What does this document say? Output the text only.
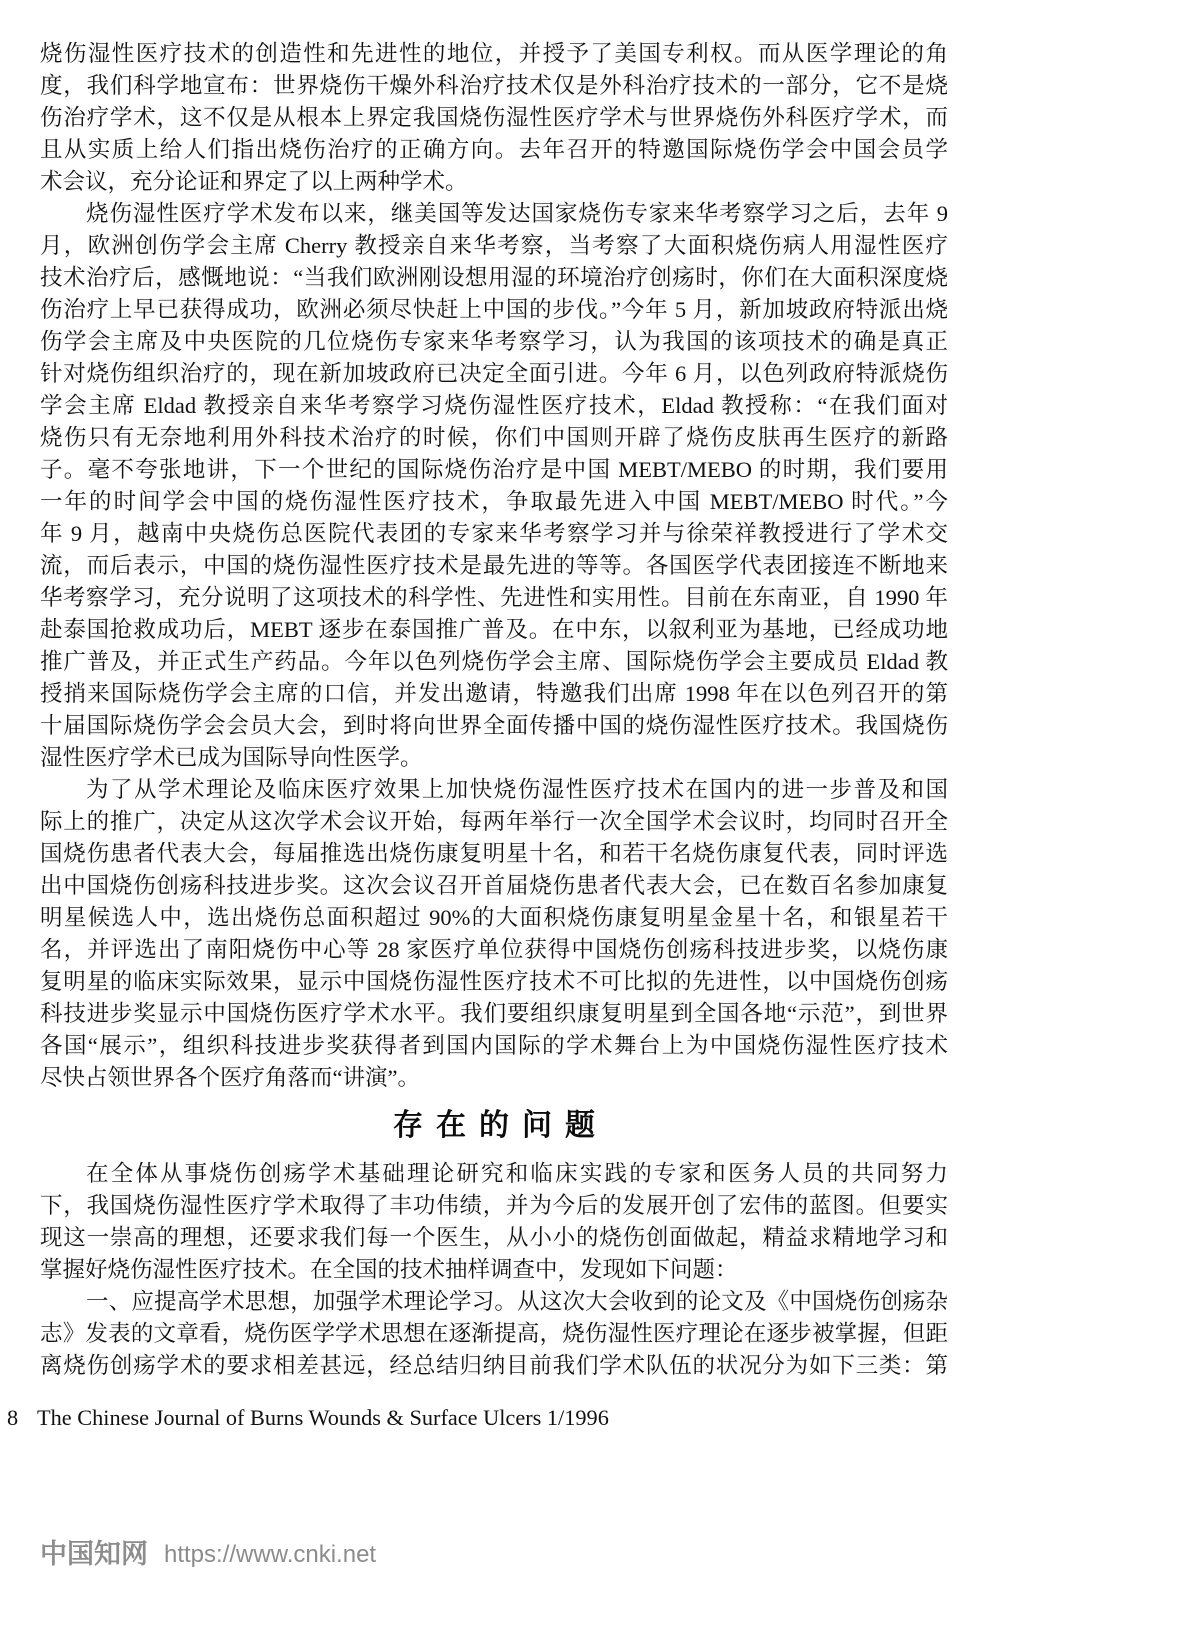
烧伤湿性医疗技术的创造性和先进性的地位，并授予了美国专利权。而从医学理论的角
度，我们科学地宣布：世界烧伤干燥外科治疗技术仅是外科治疗技术的一部分，它不是烧
伤治疗学术，这不仅是从根本上界定我国烧伤湿性医疗学术与世界烧伤外科医疗学术，而
且从实质上给人们指出烧伤治疗的正确方向。去年召开的特邀国际烧伤学会中国会员学
术会议，充分论证和界定了以上两种学术。
烧伤湿性医疗学术发布以来，继美国等发达国家烧伤专家来华考察学习之后，去年 9
月，欧洲创伤学会主席 Cherry 教授亲自来华考察，当考察了大面积烧伤病人用湿性医疗
技术治疗后，感慨地说：“当我们欧洲刚设想用湿的环境治疗创疡时，你们在大面积深度烧
伤治疗上早已获得成功，欧洲必须尽快赶上中国的步伐。”今年 5 月，新加坡政府特派出烧
伤学会主席及中央医院的几位烧伤专家来华考察学习，认为我国的该项技术的确是真正
针对烧伤组织治疗的，现在新加坡政府已决定全面引进。今年 6 月，以色列政府特派烧伤
学会主席 Eldad 教授亲自来华考察学习烧伤湿性医疗技术，Eldad 教授称：“在我们面对
烧伤只有无奈地利用外科技术治疗的时候，你们中国则开辟了烧伤皮肤再生医疗的新路
子。毫不夸张地讲，下一个世纪的国际烧伤治疗是中国 MEBT/MEBO 的时期，我们要用
一年的时间学会中国的烧伤湿性医疗技术，争取最先进入中国 MEBT/MEBO 时代。”今
年 9 月，越南中央烧伤总医院代表团的专家来华考察学习并与徐荣祥教授进行了学术交
流，而后表示，中国的烧伤湿性医疗技术是最先进的等等。各国医学代表团接连不断地来
华考察学习，充分说明了这项技术的科学性、先进性和实用性。目前在东南亚，自 1990 年
赴泰国抢救成功后，MEBT 逐步在泰国推广普及。在中东，以叙利亚为基地，已经成功地
推广普及，并正式生产药品。今年以色列烧伤学会主席、国际烧伤学会主要成员 Eldad 教
授捎来国际烧伤学会主席的口信，并发出邀请，特邀我们出席 1998 年在以色列召开的第
十届国际烧伤学会会员大会，到时将向世界全面传播中国的烧伤湿性医疗技术。我国烧伤
湿性医疗学术已成为国际导向性医学。
为了从学术理论及临床医疗效果上加快烧伤湿性医疗技术在国内的进一步普及和国
际上的推广，决定从这次学术会议开始，每两年举行一次全国学术会议时，均同时召开全
国烧伤患者代表大会，每届推选出烧伤康复明星十名，和若干名烧伤康复代表，同时评选
出中国烧伤创疡科技进步奖。这次会议召开首届烧伤患者代表大会，已在数百名参加康复
明星候选人中，选出烧伤总面积超过 90%的大面积烧伤康复明星金星十名，和银星若干
名，并评选出了南阳烧伤中心等 28 家医疗单位获得中国烧伤创疡科技进步奖，以烧伤康
复明星的临床实际效果，显示中国烧伤湿性医疗技术不可比拟的先进性，以中国烧伤创疡
科技进步奖显示中国烧伤医疗学术水平。我们要组织康复明星到全国各地“示范”，到世界
各国“展示”，组织科技进步奖获得者到国内国际的学术舞台上为中国烧伤湿性医疗技术
尽快占领世界各个医疗角落而“讲演”。
存在的问题
在全体从事烧伤创疡学术基础理论研究和临床实践的专家和医务人员的共同努力
下，我国烧伤湿性医疗学术取得了丰功伟绩，并为今后的发展开创了宏伟的蓝图。但要实
现这一崇高的理想，还要求我们每一个医生，从小小的烧伤创面做起，精益求精地学习和
掌握好烧伤湿性医疗技术。在全国的技术抽样调查中，发现如下问题：
一、应提高学术思想，加强学术理论学习。从这次大会收到的论文及《中国烧伤创疡杂
志》发表的文章看，烧伤医学学术思想在逐渐提高，烧伤湿性医疗理论在逐步被掌握，但距
离烧伤创疡学术的要求相差甚远，经总结归纳目前我们学术队伍的状况分为如下三类：第
8 The Chinese Journal of Burns Wounds & Surface Ulcers 1/1996
中国知网 https://www.cnki.net
